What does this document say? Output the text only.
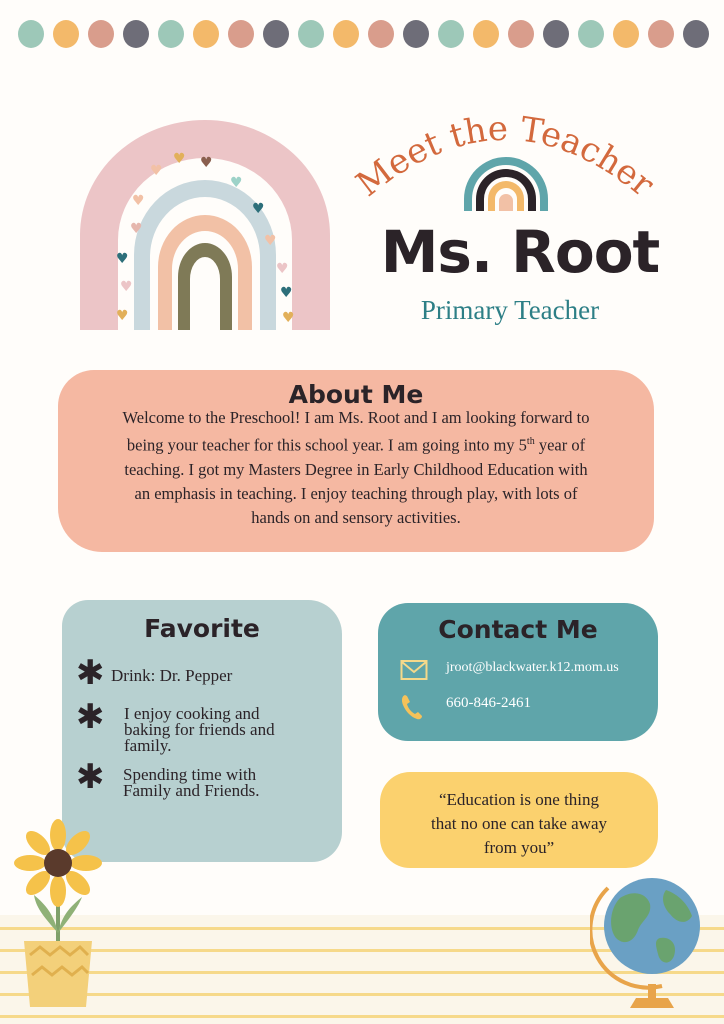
♥
♥ ♥
♥
♥
♥
♥
♥
♥
♥
♥
♥
♥
♥
Meet the Teacher
Ms. Root
Primary Teacher
About Me

Welcome to the Preschool! I am Ms. Root and I am looking forward to
being your teacher for this school year. I am going into my 5th year of
teaching. I got my Masters Degree in Early Childhood Education with
an emphasis in teaching. I enjoy teaching through play, with lots of
hands on and sensory activities.

Favorite
✱ Drink: Dr. Pepper
✱ I enjoy cooking and
baking for friends and
family.
✱ Spending time with
Family and Friends.
Contact Me
jroot@blackwater.k12.mom.us
660-846-2461

“Education is one thing
that no one can take away
from you”
